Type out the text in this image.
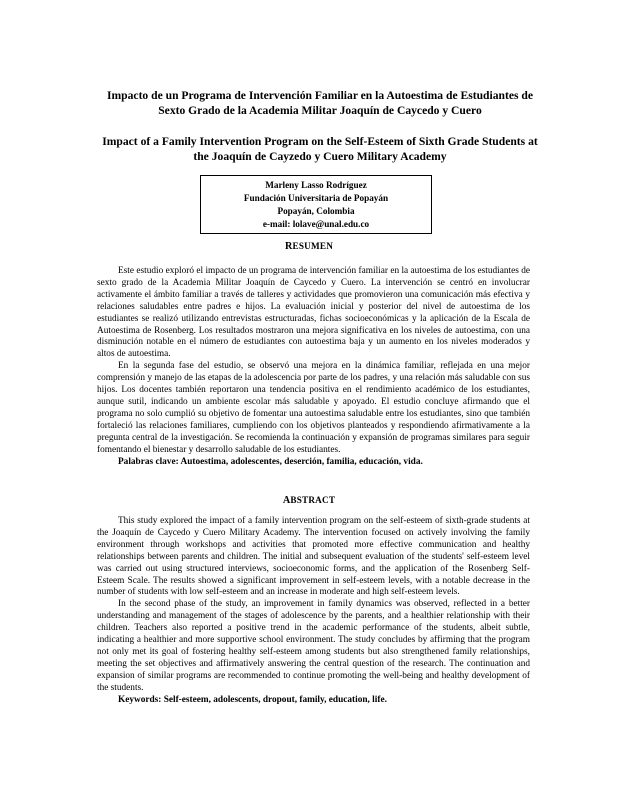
Impacto de un Programa de Intervención Familiar en la Autoestima de Estudiantes de Sexto Grado de la Academia Militar Joaquín de Caycedo y Cuero
Impact of a Family Intervention Program on the Self-Esteem of Sixth Grade Students at the Joaquín de Cayzedo y Cuero Military Academy
Marleny Lasso Rodríguez
Fundación Universitaria de Popayán
Popayán, Colombia
e-mail: lolave@unal.edu.co
RESUMEN

Este estudio exploró el impacto de un programa de intervención familiar en la autoestima de los estudiantes de sexto grado de la Academia Militar Joaquín de Caycedo y Cuero. La intervención se centró en involucrar activamente el ámbito familiar a través de talleres y actividades que promovieron una comunicación más efectiva y relaciones saludables entre padres e hijos. La evaluación inicial y posterior del nivel de autoestima de los estudiantes se realizó utilizando entrevistas estructuradas, fichas socioeconómicas y la aplicación de la Escala de Autoestima de Rosenberg. Los resultados mostraron una mejora significativa en los niveles de autoestima, con una disminución notable en el número de estudiantes con autoestima baja y un aumento en los niveles moderados y altos de autoestima.

En la segunda fase del estudio, se observó una mejora en la dinámica familiar, reflejada en una mejor comprensión y manejo de las etapas de la adolescencia por parte de los padres, y una relación más saludable con sus hijos. Los docentes también reportaron una tendencia positiva en el rendimiento académico de los estudiantes, aunque sutil, indicando un ambiente escolar más saludable y apoyado. El estudio concluye afirmando que el programa no solo cumplió su objetivo de fomentar una autoestima saludable entre los estudiantes, sino que también fortaleció las relaciones familiares, cumpliendo con los objetivos planteados y respondiendo afirmativamente a la pregunta central de la investigación. Se recomienda la continuación y expansión de programas similares para seguir fomentando el bienestar y desarrollo saludable de los estudiantes.

Palabras clave: Autoestima, adolescentes, deserción, familia, educación, vida.

ABSTRACT

This study explored the impact of a family intervention program on the self-esteem of sixth-grade students at the Joaquín de Caycedo y Cuero Military Academy. The intervention focused on actively involving the family environment through workshops and activities that promoted more effective communication and healthy relationships between parents and children. The initial and subsequent evaluation of the students' self-esteem level was carried out using structured interviews, socioeconomic forms, and the application of the Rosenberg Self-Esteem Scale. The results showed a significant improvement in self-esteem levels, with a notable decrease in the number of students with low self-esteem and an increase in moderate and high self-esteem levels.

In the second phase of the study, an improvement in family dynamics was observed, reflected in a better understanding and management of the stages of adolescence by the parents, and a healthier relationship with their children. Teachers also reported a positive trend in the academic performance of the students, albeit subtle, indicating a healthier and more supportive school environment. The study concludes by affirming that the program not only met its goal of fostering healthy self-esteem among students but also strengthened family relationships, meeting the set objectives and affirmatively answering the central question of the research. The continuation and expansion of similar programs are recommended to continue promoting the well-being and healthy development of the students.

Keywords: Self-esteem, adolescents, dropout, family, education, life.
